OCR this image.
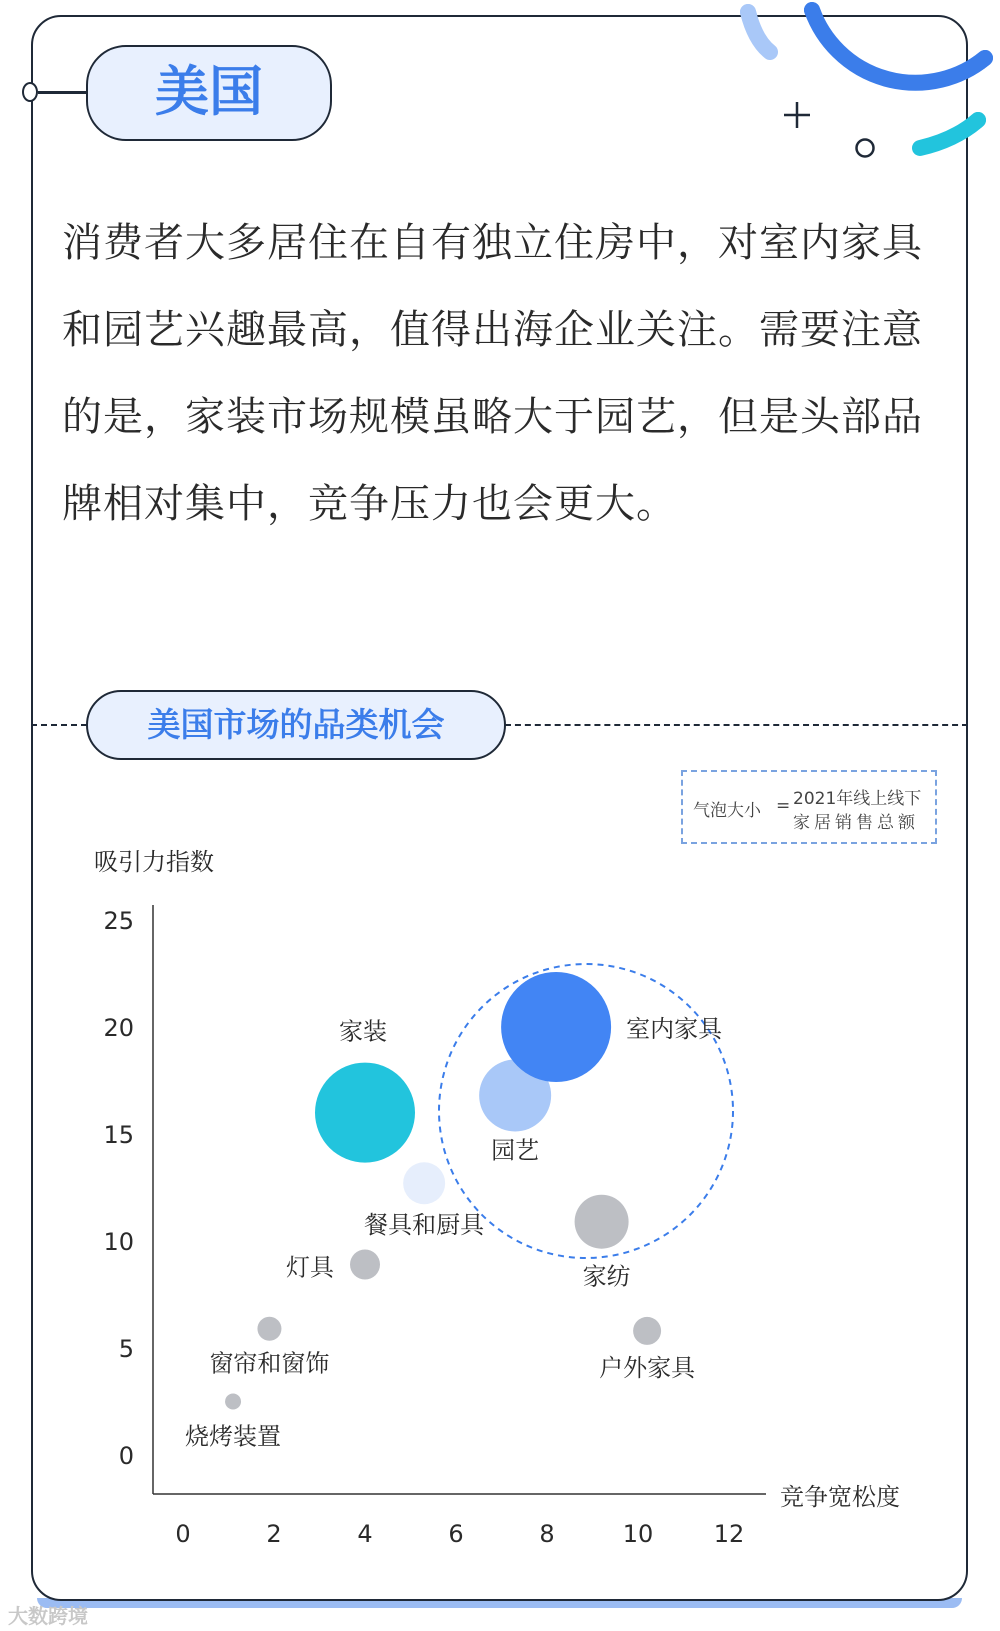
美国
消费者大多居住在自有独立住房中，对室内家具和园艺兴趣最高，值得出海企业关注。需要注意的是，家装市场规模虽略大于园艺，但是头部品牌相对集中，竞争压力也会更大。
美国市场的品类机会
气泡大小 = 2021年线上线下
家居销售总额
0	2	4	6	8	10	12
0
5
10
15
20
25
吸引力指数
竞争宽松度
室内家具
园艺
家装
餐具和厨具
家纺
灯具
户外家具
窗帘和窗饰
烧烤装置
大数跨境
